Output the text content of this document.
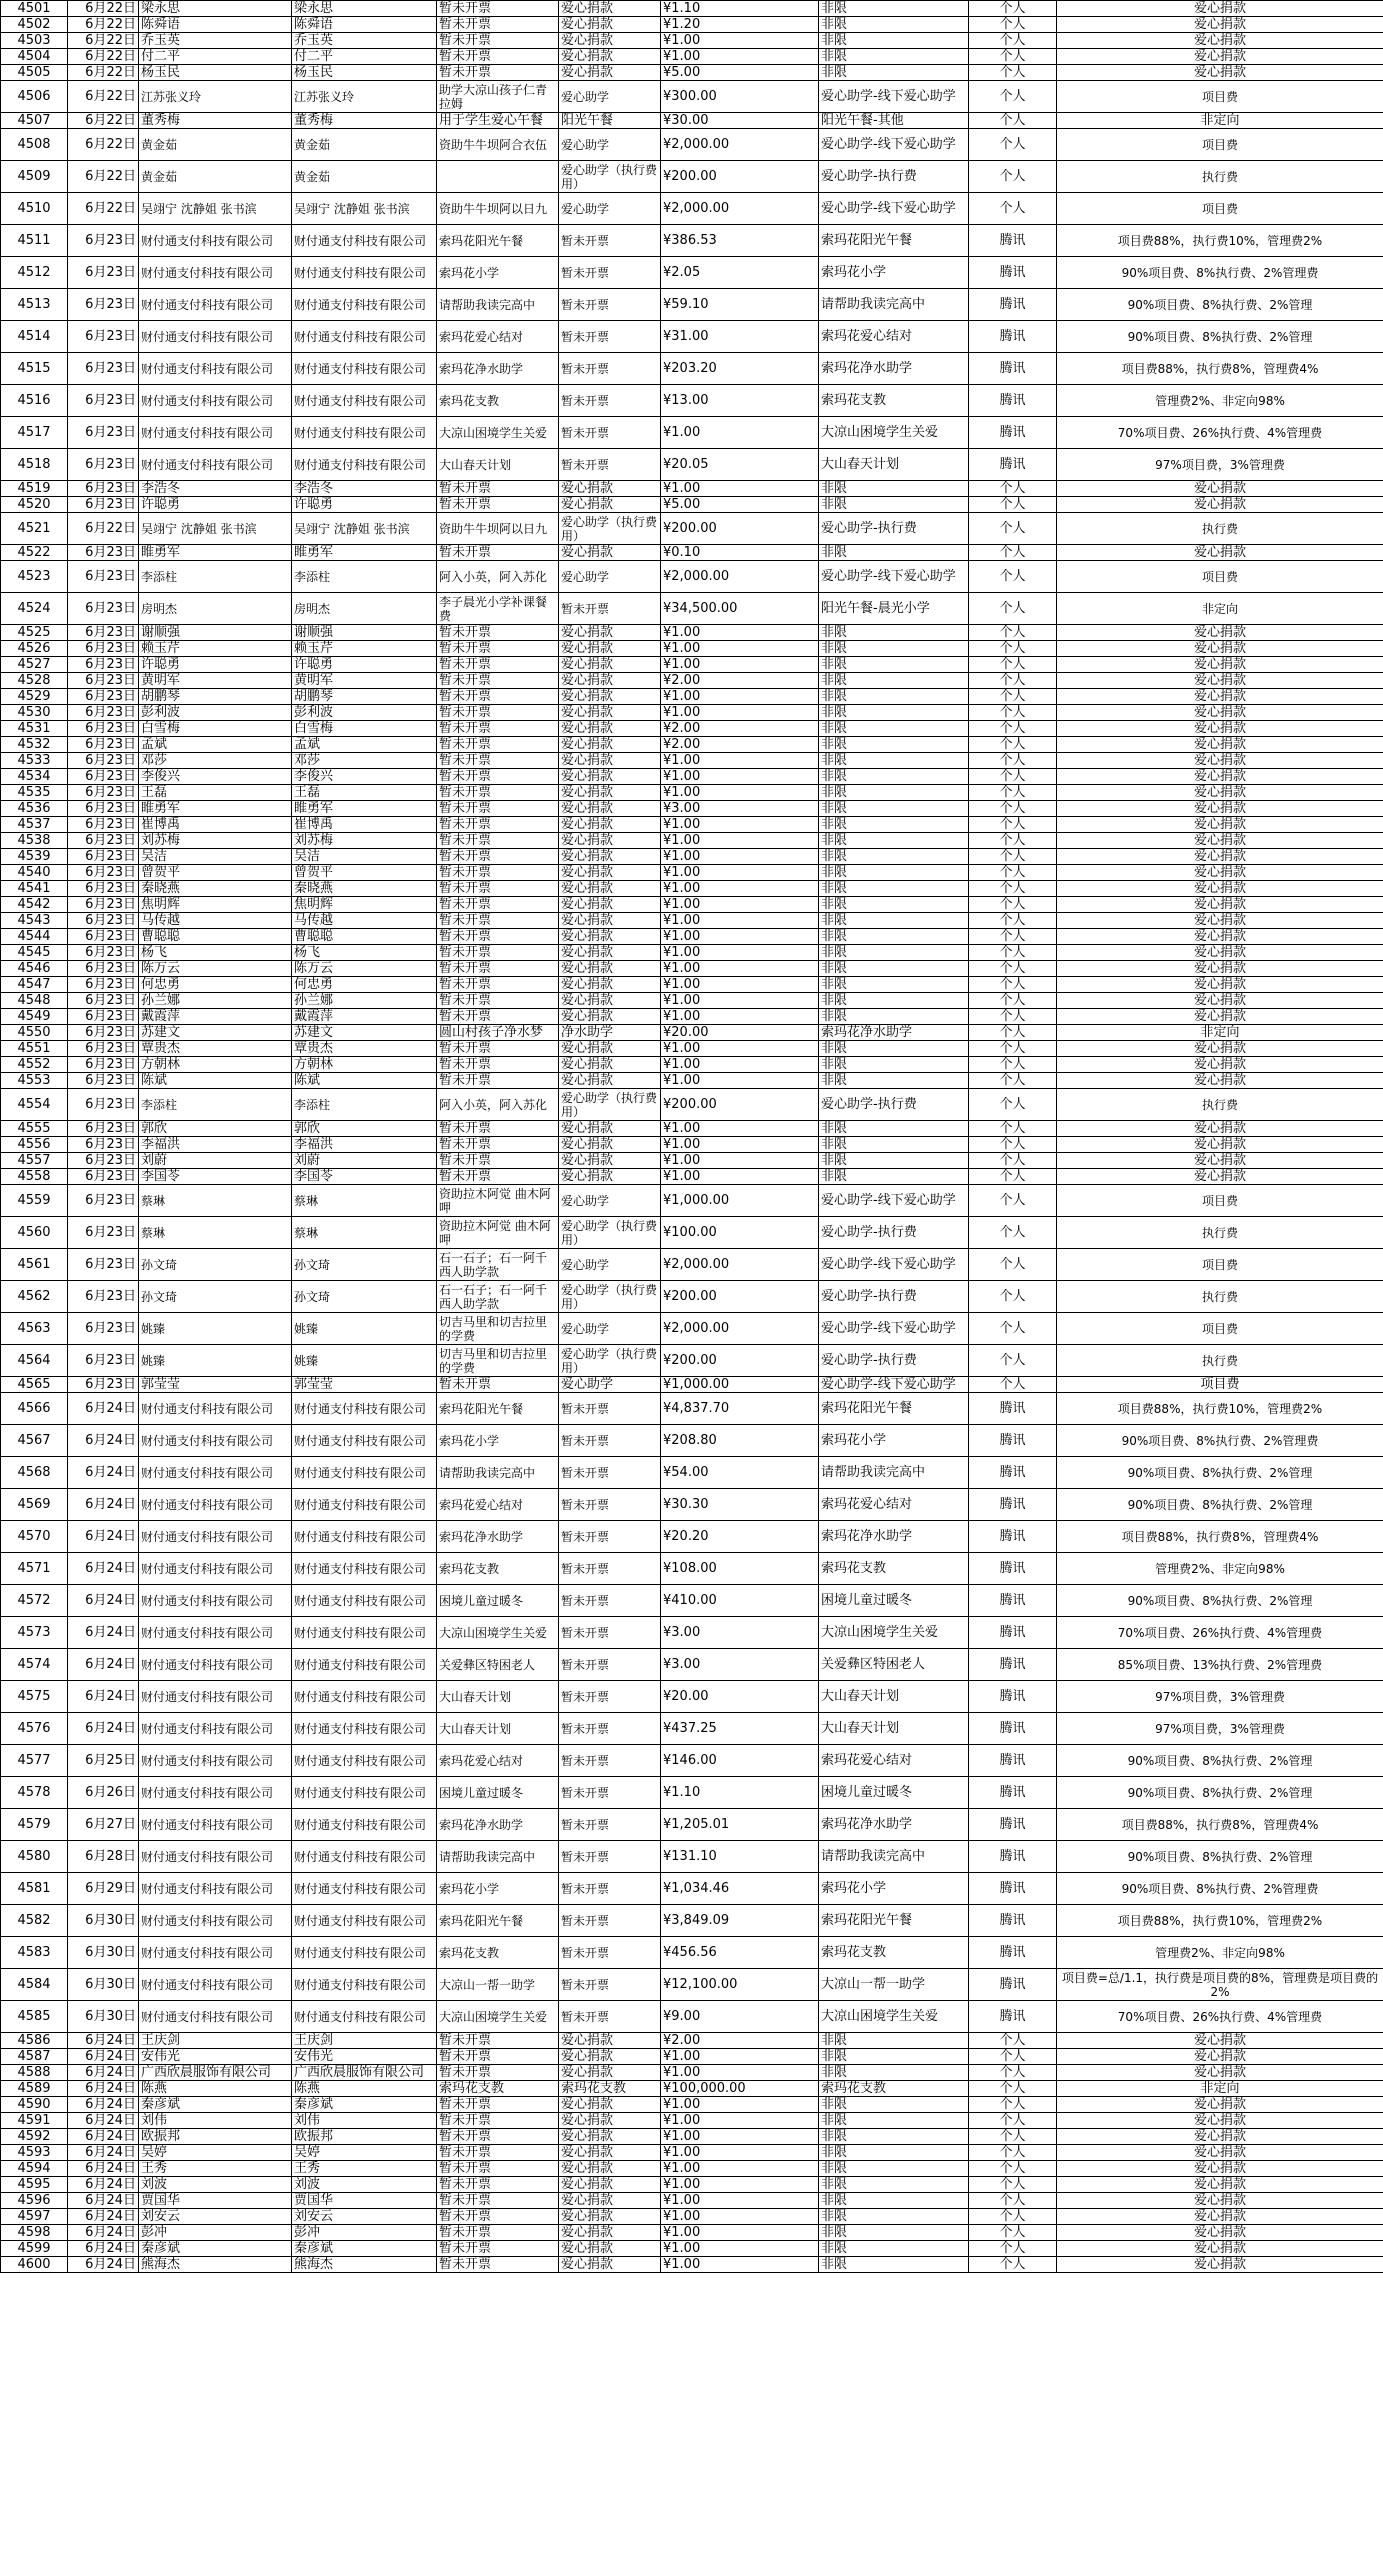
4501	6月22日	梁永思	梁永思	暂未开票	爱心捐款	¥1.10	非限	个人	爱心捐款
4502	6月22日	陈舜语	陈舜语	暂未开票	爱心捐款	¥1.20	非限	个人	爱心捐款
4503	6月22日	乔玉英	乔玉英	暂未开票	爱心捐款	¥1.00	非限	个人	爱心捐款
4504	6月22日	付二平	付二平	暂未开票	爱心捐款	¥1.00	非限	个人	爱心捐款
4505	6月22日	杨玉民	杨玉民	暂未开票	爱心捐款	¥5.00	非限	个人	爱心捐款
4506	6月22日	江苏张义玲	江苏张义玲	助学大凉山孩子仁青拉姆	爱心助学	¥300.00	爱心助学-线下爱心助学	个人	项目费
4507	6月22日	董秀梅	董秀梅	用于学生爱心午餐	阳光午餐	¥30.00	阳光午餐-其他	个人	非定向
4508	6月22日	黄金茹	黄金茹	资助牛牛坝阿合衣伍	爱心助学	¥2,000.00	爱心助学-线下爱心助学	个人	项目费
4509	6月22日	黄金茹	黄金茹		爱心助学（执行费用）	¥200.00	爱心助学-执行费	个人	执行费
4510	6月22日	吴翊宁 沈静姐 张书滨	吴翊宁 沈静姐 张书滨	资助牛牛坝阿以日九	爱心助学	¥2,000.00	爱心助学-线下爱心助学	个人	项目费
4511	6月23日	财付通支付科技有限公司	财付通支付科技有限公司	索玛花阳光午餐	暂未开票	¥386.53	索玛花阳光午餐	腾讯	项目费88%，执行费10%，管理费2%
4512	6月23日	财付通支付科技有限公司	财付通支付科技有限公司	索玛花小学	暂未开票	¥2.05	索玛花小学	腾讯	90%项目费、8%执行费、2%管理费
4513	6月23日	财付通支付科技有限公司	财付通支付科技有限公司	请帮助我读完高中	暂未开票	¥59.10	请帮助我读完高中	腾讯	90%项目费、8%执行费、2%管理
4514	6月23日	财付通支付科技有限公司	财付通支付科技有限公司	索玛花爱心结对	暂未开票	¥31.00	索玛花爱心结对	腾讯	90%项目费、8%执行费、2%管理
4515	6月23日	财付通支付科技有限公司	财付通支付科技有限公司	索玛花净水助学	暂未开票	¥203.20	索玛花净水助学	腾讯	项目费88%，执行费8%，管理费4%
4516	6月23日	财付通支付科技有限公司	财付通支付科技有限公司	索玛花支教	暂未开票	¥13.00	索玛花支教	腾讯	管理费2%、非定向98%
4517	6月23日	财付通支付科技有限公司	财付通支付科技有限公司	大凉山困境学生关爱	暂未开票	¥1.00	大凉山困境学生关爱	腾讯	70%项目费、26%执行费、4%管理费
4518	6月23日	财付通支付科技有限公司	财付通支付科技有限公司	大山春天计划	暂未开票	¥20.05	大山春天计划	腾讯	97%项目费，3%管理费
4519	6月23日	李浩冬	李浩冬	暂未开票	爱心捐款	¥1.00	非限	个人	爱心捐款
4520	6月23日	许聪勇	许聪勇	暂未开票	爱心捐款	¥5.00	非限	个人	爱心捐款
4521	6月22日	吴翊宁 沈静姐 张书滨	吴翊宁 沈静姐 张书滨	资助牛牛坝阿以日九	爱心助学（执行费用）	¥200.00	爱心助学-执行费	个人	执行费
4522	6月23日	睢勇军	睢勇军	暂未开票	爱心捐款	¥0.10	非限	个人	爱心捐款
4523	6月23日	李添柱	李添柱	阿入小英，阿入苏化	爱心助学	¥2,000.00	爱心助学-线下爱心助学	个人	项目费
4524	6月23日	房明杰	房明杰	李子晨光小学补课餐费	暂未开票	¥34,500.00	阳光午餐-晨光小学	个人	非定向
4525	6月23日	谢顺强	谢顺强	暂未开票	爱心捐款	¥1.00	非限	个人	爱心捐款
4526	6月23日	赖玉芹	赖玉芹	暂未开票	爱心捐款	¥1.00	非限	个人	爱心捐款
4527	6月23日	许聪勇	许聪勇	暂未开票	爱心捐款	¥1.00	非限	个人	爱心捐款
4528	6月23日	黄明军	黄明军	暂未开票	爱心捐款	¥2.00	非限	个人	爱心捐款
4529	6月23日	胡鹏琴	胡鹏琴	暂未开票	爱心捐款	¥1.00	非限	个人	爱心捐款
4530	6月23日	彭利波	彭利波	暂未开票	爱心捐款	¥1.00	非限	个人	爱心捐款
4531	6月23日	白雪梅	白雪梅	暂未开票	爱心捐款	¥2.00	非限	个人	爱心捐款
4532	6月23日	孟斌	孟斌	暂未开票	爱心捐款	¥2.00	非限	个人	爱心捐款
4533	6月23日	邓莎	邓莎	暂未开票	爱心捐款	¥1.00	非限	个人	爱心捐款
4534	6月23日	李俊兴	李俊兴	暂未开票	爱心捐款	¥1.00	非限	个人	爱心捐款
4535	6月23日	王磊	王磊	暂未开票	爱心捐款	¥1.00	非限	个人	爱心捐款
4536	6月23日	睢勇军	睢勇军	暂未开票	爱心捐款	¥3.00	非限	个人	爱心捐款
4537	6月23日	崔博禹	崔博禹	暂未开票	爱心捐款	¥1.00	非限	个人	爱心捐款
4538	6月23日	刘苏梅	刘苏梅	暂未开票	爱心捐款	¥1.00	非限	个人	爱心捐款
4539	6月23日	吴洁	吴洁	暂未开票	爱心捐款	¥1.00	非限	个人	爱心捐款
4540	6月23日	曾贺平	曾贺平	暂未开票	爱心捐款	¥1.00	非限	个人	爱心捐款
4541	6月23日	秦晓燕	秦晓燕	暂未开票	爱心捐款	¥1.00	非限	个人	爱心捐款
4542	6月23日	焦明辉	焦明辉	暂未开票	爱心捐款	¥1.00	非限	个人	爱心捐款
4543	6月23日	马传越	马传越	暂未开票	爱心捐款	¥1.00	非限	个人	爱心捐款
4544	6月23日	曹聪聪	曹聪聪	暂未开票	爱心捐款	¥1.00	非限	个人	爱心捐款
4545	6月23日	杨飞	杨飞	暂未开票	爱心捐款	¥1.00	非限	个人	爱心捐款
4546	6月23日	陈万云	陈万云	暂未开票	爱心捐款	¥1.00	非限	个人	爱心捐款
4547	6月23日	何忠勇	何忠勇	暂未开票	爱心捐款	¥1.00	非限	个人	爱心捐款
4548	6月23日	孙兰娜	孙兰娜	暂未开票	爱心捐款	¥1.00	非限	个人	爱心捐款
4549	6月23日	戴霞萍	戴霞萍	暂未开票	爱心捐款	¥1.00	非限	个人	爱心捐款
4550	6月23日	苏建文	苏建文	圆山村孩子净水梦	净水助学	¥20.00	索玛花净水助学	个人	非定向
4551	6月23日	覃贵杰	覃贵杰	暂未开票	爱心捐款	¥1.00	非限	个人	爱心捐款
4552	6月23日	方朝林	方朝林	暂未开票	爱心捐款	¥1.00	非限	个人	爱心捐款
4553	6月23日	陈斌	陈斌	暂未开票	爱心捐款	¥1.00	非限	个人	爱心捐款
4554	6月23日	李添柱	李添柱	阿入小英，阿入苏化	爱心助学（执行费用）	¥200.00	爱心助学-执行费	个人	执行费
4555	6月23日	郭欣	郭欣	暂未开票	爱心捐款	¥1.00	非限	个人	爱心捐款
4556	6月23日	李福洪	李福洪	暂未开票	爱心捐款	¥1.00	非限	个人	爱心捐款
4557	6月23日	刘蔚	刘蔚	暂未开票	爱心捐款	¥1.00	非限	个人	爱心捐款
4558	6月23日	李国苓	李国苓	暂未开票	爱心捐款	¥1.00	非限	个人	爱心捐款
4559	6月23日	蔡琳	蔡琳	资助拉木阿觉 曲木阿呷	爱心助学	¥1,000.00	爱心助学-线下爱心助学	个人	项目费
4560	6月23日	蔡琳	蔡琳	资助拉木阿觉 曲木阿呷	爱心助学（执行费用）	¥100.00	爱心助学-执行费	个人	执行费
4561	6月23日	孙文琦	孙文琦	石一石子；石一阿千西人助学款	爱心助学	¥2,000.00	爱心助学-线下爱心助学	个人	项目费
4562	6月23日	孙文琦	孙文琦	石一石子；石一阿千西人助学款	爱心助学（执行费用）	¥200.00	爱心助学-执行费	个人	执行费
4563	6月23日	姚臻	姚臻	切吉马里和切吉拉里的学费	爱心助学	¥2,000.00	爱心助学-线下爱心助学	个人	项目费
4564	6月23日	姚臻	姚臻	切吉马里和切吉拉里的学费	爱心助学（执行费用）	¥200.00	爱心助学-执行费	个人	执行费
4565	6月23日	郭莹莹	郭莹莹	暂未开票	爱心助学	¥1,000.00	爱心助学-线下爱心助学	个人	项目费
4566	6月24日	财付通支付科技有限公司	财付通支付科技有限公司	索玛花阳光午餐	暂未开票	¥4,837.70	索玛花阳光午餐	腾讯	项目费88%，执行费10%，管理费2%
4567	6月24日	财付通支付科技有限公司	财付通支付科技有限公司	索玛花小学	暂未开票	¥208.80	索玛花小学	腾讯	90%项目费、8%执行费、2%管理费
4568	6月24日	财付通支付科技有限公司	财付通支付科技有限公司	请帮助我读完高中	暂未开票	¥54.00	请帮助我读完高中	腾讯	90%项目费、8%执行费、2%管理
4569	6月24日	财付通支付科技有限公司	财付通支付科技有限公司	索玛花爱心结对	暂未开票	¥30.30	索玛花爱心结对	腾讯	90%项目费、8%执行费、2%管理
4570	6月24日	财付通支付科技有限公司	财付通支付科技有限公司	索玛花净水助学	暂未开票	¥20.20	索玛花净水助学	腾讯	项目费88%，执行费8%，管理费4%
4571	6月24日	财付通支付科技有限公司	财付通支付科技有限公司	索玛花支教	暂未开票	¥108.00	索玛花支教	腾讯	管理费2%、非定向98%
4572	6月24日	财付通支付科技有限公司	财付通支付科技有限公司	困境儿童过暖冬	暂未开票	¥410.00	困境儿童过暖冬	腾讯	90%项目费、8%执行费、2%管理
4573	6月24日	财付通支付科技有限公司	财付通支付科技有限公司	大凉山困境学生关爱	暂未开票	¥3.00	大凉山困境学生关爱	腾讯	70%项目费、26%执行费、4%管理费
4574	6月24日	财付通支付科技有限公司	财付通支付科技有限公司	关爱彝区特困老人	暂未开票	¥3.00	关爱彝区特困老人	腾讯	85%项目费、13%执行费、2%管理费
4575	6月24日	财付通支付科技有限公司	财付通支付科技有限公司	大山春天计划	暂未开票	¥20.00	大山春天计划	腾讯	97%项目费，3%管理费
4576	6月24日	财付通支付科技有限公司	财付通支付科技有限公司	大山春天计划	暂未开票	¥437.25	大山春天计划	腾讯	97%项目费，3%管理费
4577	6月25日	财付通支付科技有限公司	财付通支付科技有限公司	索玛花爱心结对	暂未开票	¥146.00	索玛花爱心结对	腾讯	90%项目费、8%执行费、2%管理
4578	6月26日	财付通支付科技有限公司	财付通支付科技有限公司	困境儿童过暖冬	暂未开票	¥1.10	困境儿童过暖冬	腾讯	90%项目费、8%执行费、2%管理
4579	6月27日	财付通支付科技有限公司	财付通支付科技有限公司	索玛花净水助学	暂未开票	¥1,205.01	索玛花净水助学	腾讯	项目费88%，执行费8%，管理费4%
4580	6月28日	财付通支付科技有限公司	财付通支付科技有限公司	请帮助我读完高中	暂未开票	¥131.10	请帮助我读完高中	腾讯	90%项目费、8%执行费、2%管理
4581	6月29日	财付通支付科技有限公司	财付通支付科技有限公司	索玛花小学	暂未开票	¥1,034.46	索玛花小学	腾讯	90%项目费、8%执行费、2%管理费
4582	6月30日	财付通支付科技有限公司	财付通支付科技有限公司	索玛花阳光午餐	暂未开票	¥3,849.09	索玛花阳光午餐	腾讯	项目费88%，执行费10%，管理费2%
4583	6月30日	财付通支付科技有限公司	财付通支付科技有限公司	索玛花支教	暂未开票	¥456.56	索玛花支教	腾讯	管理费2%、非定向98%
4584	6月30日	财付通支付科技有限公司	财付通支付科技有限公司	大凉山一帮一助学	暂未开票	¥12,100.00	大凉山一帮一助学	腾讯	项目费=总/1.1，执行费是项目费的8%，管理费是项目费的2%
4585	6月30日	财付通支付科技有限公司	财付通支付科技有限公司	大凉山困境学生关爱	暂未开票	¥9.00	大凉山困境学生关爱	腾讯	70%项目费、26%执行费、4%管理费
4586	6月24日	王庆剑	王庆剑	暂未开票	爱心捐款	¥2.00	非限	个人	爱心捐款
4587	6月24日	安伟光	安伟光	暂未开票	爱心捐款	¥1.00	非限	个人	爱心捐款
4588	6月24日	广西欣晨服饰有限公司	广西欣晨服饰有限公司	暂未开票	爱心捐款	¥1.00	非限	个人	爱心捐款
4589	6月24日	陈燕	陈燕	索玛花支教	索玛花支教	¥100,000.00	索玛花支教	个人	非定向
4590	6月24日	秦彦斌	秦彦斌	暂未开票	爱心捐款	¥1.00	非限	个人	爱心捐款
4591	6月24日	刘伟	刘伟	暂未开票	爱心捐款	¥1.00	非限	个人	爱心捐款
4592	6月24日	欧振邦	欧振邦	暂未开票	爱心捐款	¥1.00	非限	个人	爱心捐款
4593	6月24日	吴婷	吴婷	暂未开票	爱心捐款	¥1.00	非限	个人	爱心捐款
4594	6月24日	王秀	王秀	暂未开票	爱心捐款	¥1.00	非限	个人	爱心捐款
4595	6月24日	刘波	刘波	暂未开票	爱心捐款	¥1.00	非限	个人	爱心捐款
4596	6月24日	贾国华	贾国华	暂未开票	爱心捐款	¥1.00	非限	个人	爱心捐款
4597	6月24日	刘安云	刘安云	暂未开票	爱心捐款	¥1.00	非限	个人	爱心捐款
4598	6月24日	彭冲	彭冲	暂未开票	爱心捐款	¥1.00	非限	个人	爱心捐款
4599	6月24日	秦彦斌	秦彦斌	暂未开票	爱心捐款	¥1.00	非限	个人	爱心捐款
4600	6月24日	熊海杰	熊海杰	暂未开票	爱心捐款	¥1.00	非限	个人	爱心捐款
